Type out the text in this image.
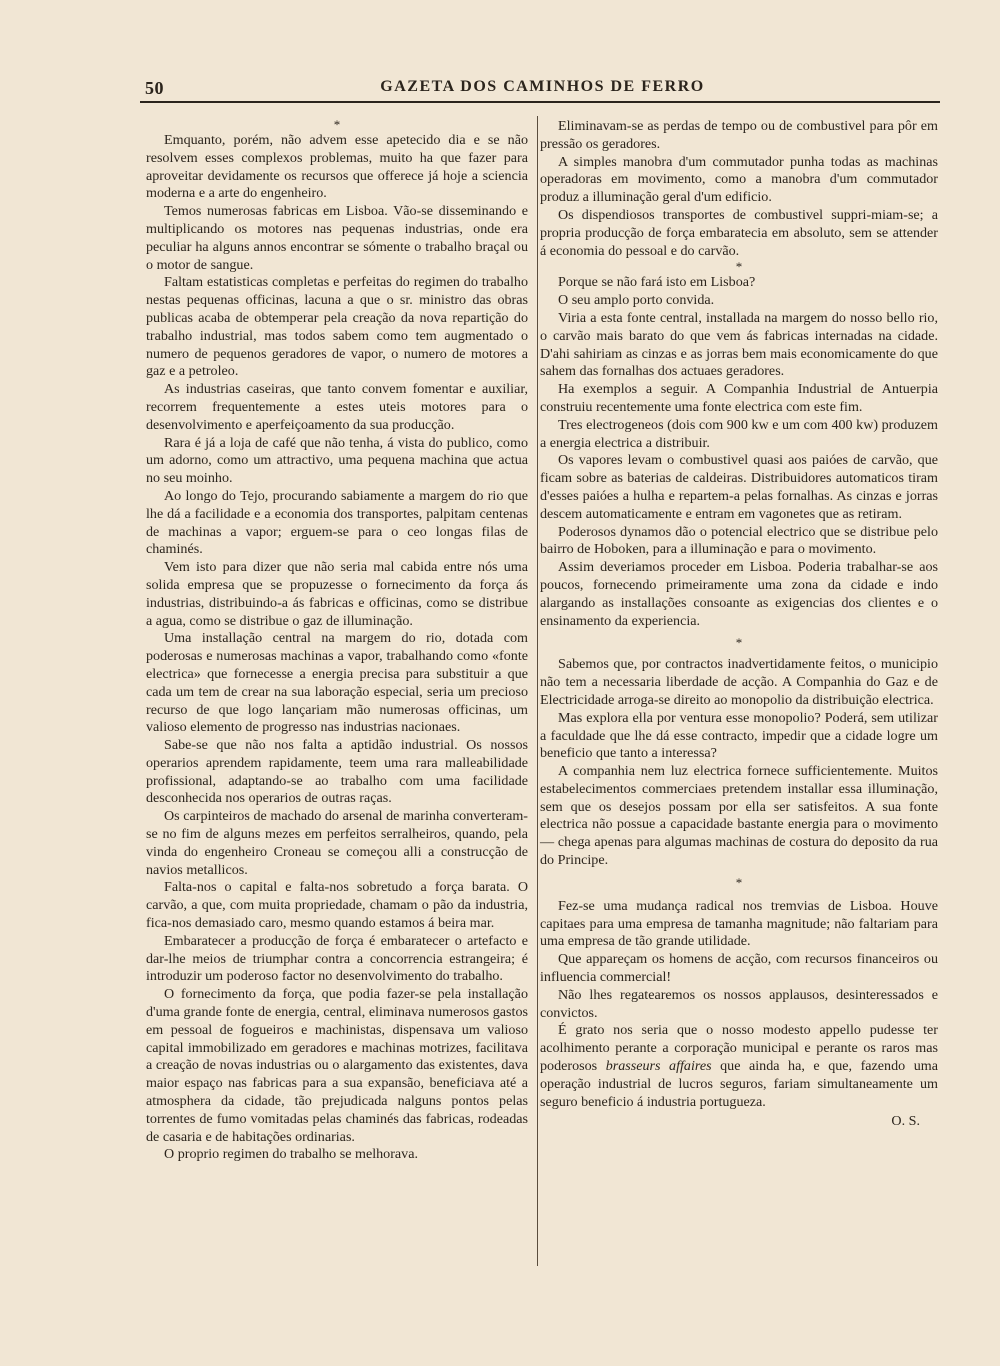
50	GAZETA DOS CAMINHOS DE FERRO
*

Emquanto, porém, não advem esse apetecido dia e se não resolvem esses complexos problemas, muito ha que fazer para aproveitar devidamente os recursos que offerece já hoje a sciencia moderna e a arte do engenheiro.

Temos numerosas fabricas em Lisboa. Vão-se disseminando e multiplicando os motores nas pequenas industrias, onde era peculiar ha alguns annos encontrar se sómente o trabalho braçal ou o motor de sangue.

Faltam estatisticas completas e perfeitas do regimen do trabalho nestas pequenas officinas, lacuna a que o sr. ministro das obras publicas acaba de obtemperar pela creação da nova repartição do trabalho industrial, mas todos sabem como tem augmentado o numero de pequenos geradores de vapor, o numero de motores a gaz e a petroleo.

As industrias caseiras, que tanto convem fomentar e auxiliar, recorrem frequentemente a estes uteis motores para o desenvolvimento e aperfeiçoamento da sua producção.

Rara é já a loja de café que não tenha, á vista do publico, como um adorno, como um attractivo, uma pequena machina que actua no seu moinho.

Ao longo do Tejo, procurando sabiamente a margem do rio que lhe dá a facilidade e a economia dos transportes, palpitam centenas de machinas a vapor; erguem-se para o ceo longas filas de chaminés.

Vem isto para dizer que não seria mal cabida entre nós uma solida empresa que se propuzesse o fornecimento da força ás industrias, distribuindo-a ás fabricas e officinas, como se distribue a agua, como se distribue o gaz de illuminação.

Uma installação central na margem do rio, dotada com poderosas e numerosas machinas a vapor, trabalhando como «fonte electrica» que fornecesse a energia precisa para substituir a que cada um tem de crear na sua laboração especial, seria um precioso recurso de que logo lançariam mão numerosas officinas, um valioso elemento de progresso nas industrias nacionaes.

Sabe-se que não nos falta a aptidão industrial. Os nossos operarios aprendem rapidamente, teem uma rara malleabilidade profissional, adaptando-se ao trabalho com uma facilidade desconhecida nos operarios de outras raças.

Os carpinteiros de machado do arsenal de marinha converteram-se no fim de alguns mezes em perfeitos serralheiros, quando, pela vinda do engenheiro Croneau se começou alli a construcção de navios metallicos.

Falta-nos o capital e falta-nos sobretudo a força barata. O carvão, a que, com muita propriedade, chamam o pão da industria, fica-nos demasiado caro, mesmo quando estamos á beira mar.

Embaratecer a producção de força é embaratecer o artefacto e dar-lhe meios de triumphar contra a concorrencia estrangeira; é introduzir um poderoso factor no desenvolvimento do trabalho.

O fornecimento da força, que podia fazer-se pela installação d'uma grande fonte de energia, central, eliminava numerosos gastos em pessoal de fogueiros e machinistas, dispensava um valioso capital immobilizado em geradores e machinas motrizes, facilitava a creação de novas industrias ou o alargamento das existentes, dava maior espaço nas fabricas para a sua expansão, beneficiava até a atmosphera da cidade, tão prejudicada nalguns pontos pelas torrentes de fumo vomitadas pelas chaminés das fabricas, rodeadas de casaria e de habitações ordinarias.

O proprio regimen do trabalho se melhorava.

Eliminavam-se as perdas de tempo ou de combustivel para pôr em pressão os geradores.

A simples manobra d'um commutador punha todas as machinas operadoras em movimento, como a manobra d'um commutador produz a illuminação geral d'um edificio.

Os dispendiosos transportes de combustivel suppri-miam-se; a propria producção de força embaratecia em absoluto, sem se attender á economia do pessoal e do carvão.

*

Porque se não fará isto em Lisboa?

O seu amplo porto convida.

Viria a esta fonte central, installada na margem do nosso bello rio, o carvão mais barato do que vem ás fabricas internadas na cidade. D'ahi sahiriam as cinzas e as jorras bem mais economicamente do que sahem das fornalhas dos actuaes geradores.

Ha exemplos a seguir. A Companhia Industrial de Antuerpia construiu recentemente uma fonte electrica com este fim.

Tres electrogeneos (dois com 900 kw e um com 400 kw) produzem a energia electrica a distribuir.

Os vapores levam o combustivel quasi aos paióes de carvão, que ficam sobre as baterias de caldeiras. Distribuidores automaticos tiram d'esses paióes a hulha e repartem-a pelas fornalhas. As cinzas e jorras descem automaticamente e entram em vagonetes que as retiram.

Poderosos dynamos dão o potencial electrico que se distribue pelo bairro de Hoboken, para a illuminação e para o movimento.

Assim deveriamos proceder em Lisboa. Poderia trabalhar-se aos poucos, fornecendo primeiramente uma zona da cidade e indo alargando as installações consoante as exigencias dos clientes e o ensinamento da experiencia.

*

Sabemos que, por contractos inadvertidamente feitos, o municipio não tem a necessaria liberdade de acção. A Companhia do Gaz e de Electricidade arroga-se direito ao monopolio da distribuição electrica.

Mas explora ella por ventura esse monopolio? Poderá, sem utilizar a faculdade que lhe dá esse contracto, impedir que a cidade logre um beneficio que tanto a interessa?

A companhia nem luz electrica fornece sufficientemente. Muitos estabelecimentos commerciaes pretendem installar essa illuminação, sem que os desejos possam por ella ser satisfeitos. A sua fonte electrica não possue a capacidade bastante energia para o movimento — chega apenas para algumas machinas de costura do deposito da rua do Principe.

*

Fez-se uma mudança radical nos tremvias de Lisboa. Houve capitaes para uma empresa de tamanha magnitude; não faltariam para uma empresa de tão grande utilidade.

Que appareçam os homens de acção, com recursos financeiros ou influencia commercial!

Não lhes regatearemos os nossos applausos, desinteressados e convictos.

É grato nos seria que o nosso modesto appello pudesse ter acolhimento perante a corporação municipal e perante os raros mas poderosos brasseurs affaires que ainda ha, e que, fazendo uma operação industrial de lucros seguros, fariam simultaneamente um seguro beneficio á industria portugueza.

O. S.
